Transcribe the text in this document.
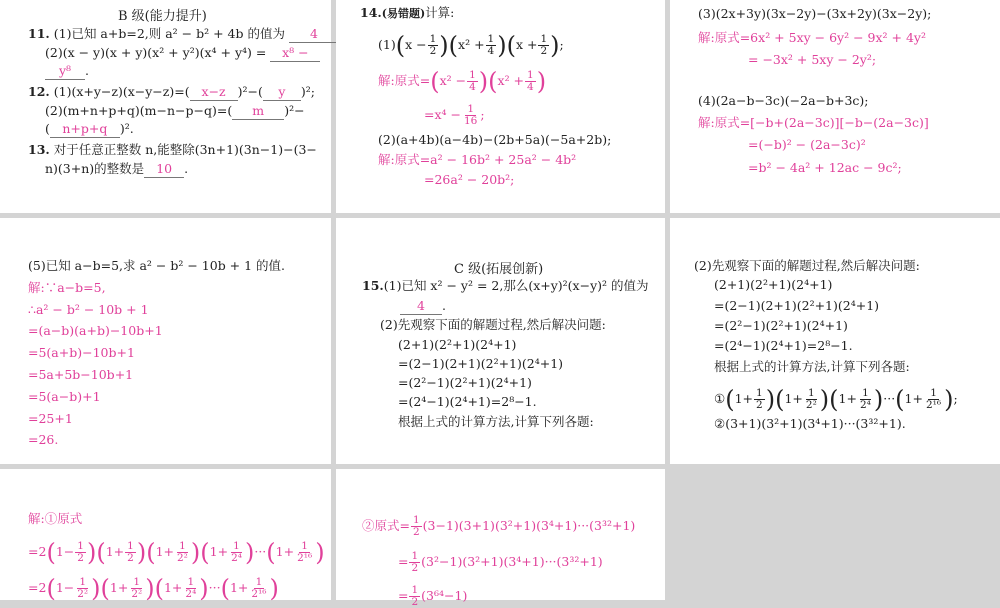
B 级(能力提升)
11. (1)已知 a+b=2,则 a² − b² + 4b 的值为 4
(2)(x − y)(x + y)(x² + y²)(x⁴ + y⁴) = x⁸ −
y⁸ .
12. (1)(x+y−z)(x−y−z)=( x−z )²−( y )²;
(2)(m+n+p+q)(m−n−p−q)=( m )²−
( n+p+q )².
13. 对于任意正整数 n,能整除(3n+1)(3n−1)−(3−
n)(3+n)的整数是 10 .
14.(易错题)计算:
$(1)(x - \frac{1}{2} )(x^2 + \frac{1}{4} )(x + \frac{1}{2}$ );
解:原式$=(x^2 - \frac{1}{4} )(x^2 + \frac{1}{4}$ )
$=x^4 - \frac{1}{16}$ ;
(2)(a+4b)(a−4b)−(2b+5a)(−5a+2b);
解:原式=a² − 16b² + 25a² − 4b²
=26a² − 20b²;
(3)(2x+3y)(3x−2y)−(3x+2y)(3x−2y);
解:原式=6x² + 5xy − 6y² − 9x² + 4y²
= −3x² + 5xy − 2y²;
(4)(2a−b−3c)(−2a−b+3c);
解:原式=[−b+(2a−3c)][−b−(2a−3c)]
=(−b)² − (2a−3c)²
=b² − 4a² + 12ac − 9c²;
(5)已知 a−b=5,求 a² − b² − 10b + 1 的值.
解:∵a−b=5,
∴a² − b² − 10b + 1
=(a−b)(a+b)−10b+1
=5(a+b)−10b+1
=5a+5b−10b+1
=5(a−b)+1
=25+1
=26.
C 级(拓展创新)
15.(1)已知 x² − y² = 2,那么(x+y)²(x−y)² 的值为
4 .
(2)先观察下面的解题过程,然后解决问题:
(2+1)(2²+1)(2⁴+1)
=(2−1)(2+1)(2²+1)(2⁴+1)
=(2²−1)(2²+1)(2⁴+1)
=(2⁴−1)(2⁴+1)=2⁸−1.
根据上式的计算方法,计算下列各题:
(2)先观察下面的解题过程,然后解决问题:
(2+1)(2²+1)(2⁴+1)
=(2−1)(2+1)(2²+1)(2⁴+1)
=(2²−1)(2²+1)(2⁴+1)
=(2⁴−1)(2⁴+1)=2⁸−1.
根据上式的计算方法,计算下列各题:
①(1+ $\frac{1}{2} )(1+ \frac{1}{\text{2²}} )(1+ \frac{1}{\text{2⁴}} )\cdot\cdot\cdot(1+ \frac{1}{\text{2¹⁶}}$ );
②(3+1)(3²+1)(3⁴+1)···(3³²+1).
解:①原式
$=2(1- \frac{1}{2} )(1+ \frac{1}{2} )(1+ \frac{1}{\text{2²}} )(1+ \frac{1}{\text{2⁴}} )\cdot\cdot\cdot(1+ \frac{1}{\text{2¹⁶}}$ )
$=2(1- \frac{1}{\text{2²}} )(1+ \frac{1}{\text{2²}} )(1+ \frac{1}{\text{2⁴}} )\cdot\cdot\cdot(1+ \frac{1}{\text{2¹⁶}}$ )
②原式= $\frac{1}{2} (3-1)(3+1)(3^2+1)(3^4+1)\cdot\cdot\cdot(3^{32}+1)$
= $\frac{1}{2} (3^2-1)(3^2+1)(3^4+1)\cdot\cdot\cdot(3^{32}+1)$
= $\frac{1}{2} (3^{64}-1)$
